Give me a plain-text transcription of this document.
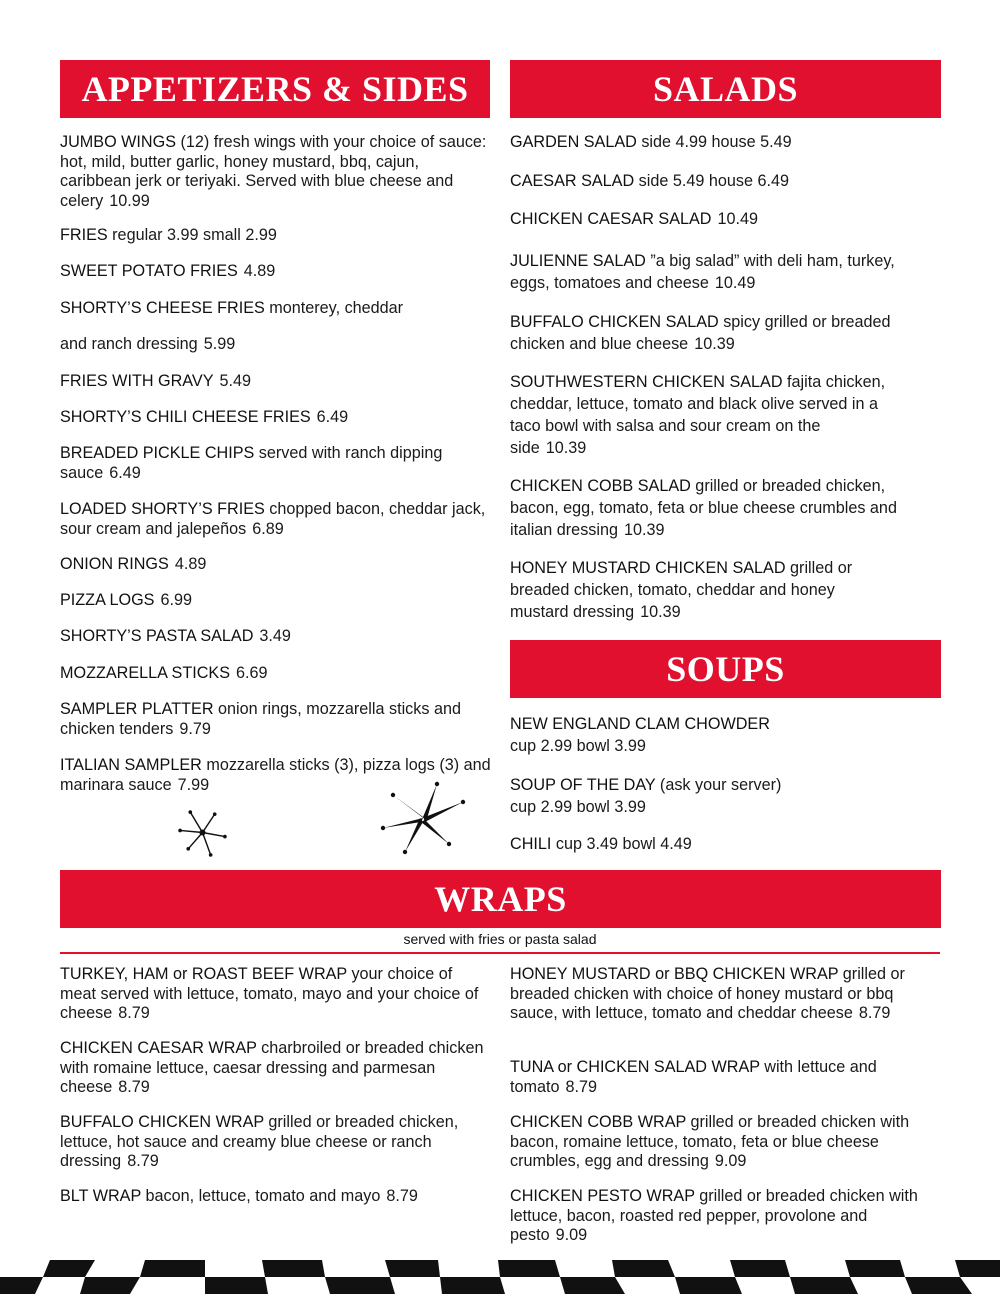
APPETIZERS & SIDES
JUMBO WINGS (12) fresh wings with your choice of sauce: hot, mild, butter garlic, honey mustard, bbq, cajun, caribbean jerk or teriyaki. Served with blue cheese and celery 10.99
FRIES regular 3.99 small 2.99
SWEET POTATO FRIES 4.89
SHORTY’S CHEESE FRIES monterey, cheddar
and ranch dressing 5.99
FRIES WITH GRAVY 5.49
SHORTY’S CHILI CHEESE FRIES 6.49
BREADED PICKLE CHIPS served with ranch dipping sauce 6.49
LOADED SHORTY’S FRIES chopped bacon, cheddar jack, sour cream and jalepeños 6.89
ONION RINGS 4.89
PIZZA LOGS 6.99
SHORTY’S PASTA SALAD 3.49
MOZZARELLA STICKS 6.69
SAMPLER PLATTER onion rings, mozzarella sticks and chicken tenders 9.79
ITALIAN SAMPLER mozzarella sticks (3), pizza logs (3) and marinara sauce 7.99
SALADS
GARDEN SALAD side 4.99 house 5.49
CAESAR SALAD side 5.49 house 6.49
CHICKEN CAESAR SALAD 10.49
JULIENNE SALAD ”a big salad” with deli ham, turkey, eggs, tomatoes and cheese 10.49
BUFFALO CHICKEN SALAD spicy grilled or breaded chicken and blue cheese 10.39
SOUTHWESTERN CHICKEN SALAD fajita chicken, cheddar, lettuce, tomato and black olive served in a taco bowl with salsa and sour cream on the side 10.39
CHICKEN COBB SALAD grilled or breaded chicken, bacon, egg, tomato, feta or blue cheese crumbles and italian dressing 10.39
HONEY MUSTARD CHICKEN SALAD grilled or breaded chicken, tomato, cheddar and honey mustard dressing 10.39
SOUPS
NEW ENGLAND CLAM CHOWDER
cup 2.99 bowl 3.99
SOUP OF THE DAY (ask your server)
cup 2.99 bowl 3.99
CHILI cup 3.49 bowl 4.49
WRAPS
served with fries or pasta salad
TURKEY, HAM or ROAST BEEF WRAP your choice of meat served with lettuce, tomato, mayo and your choice of cheese 8.79
CHICKEN CAESAR WRAP charbroiled or breaded chicken with romaine lettuce, caesar dressing and parmesan cheese 8.79
BUFFALO CHICKEN WRAP grilled or breaded chicken, lettuce, hot sauce and creamy blue cheese or ranch dressing 8.79
BLT WRAP bacon, lettuce, tomato and mayo 8.79
HONEY MUSTARD or BBQ CHICKEN WRAP grilled or breaded chicken with choice of honey mustard or bbq sauce, with lettuce, tomato and cheddar cheese 8.79
TUNA or CHICKEN SALAD WRAP with lettuce and tomato 8.79
CHICKEN COBB WRAP grilled or breaded chicken with bacon, romaine lettuce, tomato, feta or blue cheese crumbles, egg and dressing 9.09
CHICKEN PESTO WRAP grilled or breaded chicken with lettuce, bacon, roasted red pepper, provolone and pesto 9.09
